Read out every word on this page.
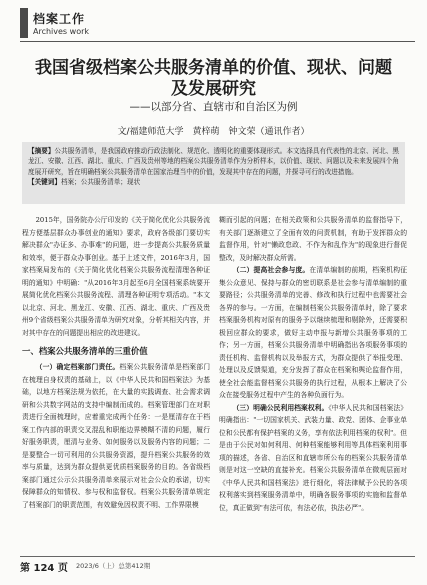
档案工作
Archives work
我国省级档案公共服务清单的价值、现状、问题
及发展研究

——以部分省、直辖市和自治区为例

文/福建师范大学　黄梓萌　钟文荣（通讯作者）

【摘要】公共服务清单，是我国政府推动行政法制化、规范化、透明化的重要体现形式。本文选择具有代表性的北京、河北、黑龙江、安徽、江西、湖北、重庆、广西及贵州等地的档案公共服务清单作为分析样本，以价值、现状、问题以及未来发展四个角度展开研究，旨在明确档案公共服务清单在国家治理当中的价值，发现其中存在的问题，并探寻可行的改进措施。
【关键词】档案；公共服务清单；现状

2015年，国务院办公厅印发的《关于简化优化公共服务流程方便基层群众办事创业的通知》要求，政府各级部门要切实解决群众"办证多、办事难"的问题，进一步提高公共服务质量和效率，便于群众办事创业。基于上述文件，2016年3月，国家档案局发布的《关于简化优化档案公共服务流程清理各种证明的通知》中明确："从2016年3月起至6月全国档案系统要开展简化优化档案公共服务流程、清理各种证明专项活动。"本文以北京、河北、黑龙江、安徽、江西、湖北、重庆、广西及贵州9个省级档案公共服务清单为研究对象，分析其相关内容，并对其中存在的问题提出相应的改进建议。

一、档案公共服务清单的三重价值

（一）确定档案部门责任。档案公共服务清单是档案部门在梳理自身权责的基础上，以《中华人民共和国档案法》为基础，以地方档案法规为依托，在大量的实践调查、社会需求调研和公共数字网站的支持中编制而成的。档案管理部门在对职责进行全面梳理时，应着重完成两个任务：一是厘清存在于档案工作内部的职责交叉混乱和职能边界模糊不清的问题，履行好服务职责，厘清与业务、如何服务以及服务内容的问题；二是要整合一切可利用的公共服务资源，提升档案公共服务的效率与质量，达到为群众提供更优质档案服务的目的。各省级档案部门通过公示公共服务清单来展示对社会公众的承诺，切实保障群众的知情权、参与权和监督权。档案公共服务清单规定了档案部门的职责范围，有效避免因权责不明、工作界限模

糊而引起的问题；在相关政策和公共服务清单的监督指导下，有关部门逐渐建立了全面有效的问责机制，有助于发挥群众的监督作用，针对"懒政怠政、不作为和乱作为"的现象进行督促整改，及时解决群众所需。

（二）提高社会参与度。在清单编制的前期，档案机构征集公众意见、保持与群众的密切联系是社会参与清单编制的重要路径；公共服务清单的完善、修改和执行过程中也需要社会各界的参与。一方面，在编制档案公共服务清单时，除了要求档案服务机构对原有的服务予以继续梳理和剔除外，还需要积极回应群众的要求，做好主动申报与新增公共服务事项的工作；另一方面，档案公共服务清单中明确指出各项服务事项的责任机构、监督机构以及举报方式，为群众提供了举报受理、处理以及反馈渠道，充分发挥了群众在档案和舆论监督作用，使全社会能监督档案公共服务的执行过程，从根本上解决了公众在接受服务过程中产生的各种负面行为。

（三）明确公民利用档案权利。《中华人民共和国档案法》明确指出："一切国家机关、武装力量、政党、团体、企事业单位和公民都有保护档案的义务，享有依法利用档案的权利"。但是由于公民对如何利用、何种档案能够利用等具体档案利用事项的描述，各省、自治区和直辖市所公布的档案公共服务清单则是对这一空缺的直接补充。档案公共服务清单在微观层面对《中华人民共和国档案法》进行细化，将法律赋予公民的各项权利落实到档案服务清单中，明确各服务事项的实施和监督单位，真正做到"有法可依，有法必依，执法必严"。

第 124 页 2023/6（上）总第412期
